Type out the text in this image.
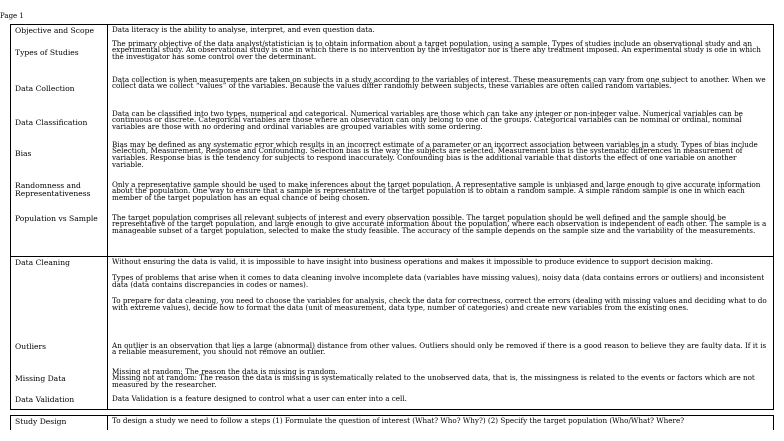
Page 1
Objective and Scope	Data literacy is the ability to analyse, interpret, and even question data.

Types of Studies	The primary objective of the data analyst/statistician is to obtain information about a target population, using a sample. Types of studies include an observational study and an experimental study. An observational study is one in which there is no intervention by the investigator nor is there any treatment imposed. An experimental study is one in which the investigator has some control over the determinant.

Data Collection	Data collection is when measurements are taken on subjects in a study according to the variables of interest. These measurements can vary from one subject to another. When we collect data we collect “values” of the variables. Because the values differ randomly between subjects, these variables are often called random variables.

Data Classification	Data can be classified into two types, numerical and categorical. Numerical variables are those which can take any integer or non-integer value. Numerical variables can be continuous or discrete. Categorical variables are those where an observation can only belong to one of the groups. Categorical variables can be nominal or ordinal, nominal variables are those with no ordering and ordinal variables are grouped variables with some ordering.

Bias	Bias may be defined as any systematic error which results in an incorrect estimate of a parameter or an incorrect association between variables in a study. Types of bias include Selection, Measurement, Response and Confounding. Selection bias is the way the subjects are selected. Measurement bias is the systematic differences in measurement of variables. Response bias is the tendency for subjects to respond inaccurately. Confounding bias is the additional variable that distorts the effect of one variable on another variable.

Randomness and Representativeness	Only a representative sample should be used to make inferences about the target population. A representative sample is unbiased and large enough to give accurate information about the population. One way to ensure that a sample is representative of the target population is to obtain a random sample. A simple random sample is one in which each member of the target population has an equal chance of being chosen.

Population vs Sample	The target population comprises all relevant subjects of interest and every observation possible. The target population should be well defined and the sample should be representative of the target population, and large enough to give accurate information about the population, where each observation is independent of each other. The sample is a manageable subset of a target population, selected to make the study feasible. The accuracy of the sample depends on the sample size and the variability of the measurements.

Data Cleaning	Without ensuring the data is valid, it is impossible to have insight into business operations and makes it impossible to produce evidence to support decision making.

Types of problems that arise when it comes to data cleaning involve incomplete data (variables have missing values), noisy data (data contains errors or outliers) and inconsistent data (data contains discrepancies in codes or names).

To prepare for data cleaning, you need to choose the variables for analysis, check the data for correctness, correct the errors (dealing with missing values and deciding what to do with extreme values), decide how to format the data (unit of measurement, data type, number of categories) and create new variables from the existing ones.

Outliers	An outlier is an observation that lies a large (abnormal) distance from other values. Outliers should only be removed if there is a good reason to believe they are faulty data. If it is a reliable measurement, you should not remove an outlier.

Missing Data	Missing at random: The reason the data is missing is random.
Missing not at random: The reason the data is missing is systematically related to the unobserved data, that is, the missingness is related to the events or factors which are not measured by the researcher.

Data Validation	Data Validation is a feature designed to control what a user can enter into a cell.

Study Design	To design a study we need to follow a steps (1) Formulate the question of interest (What? Who? Why?) (2) Specify the target population (Who/What? Where?
